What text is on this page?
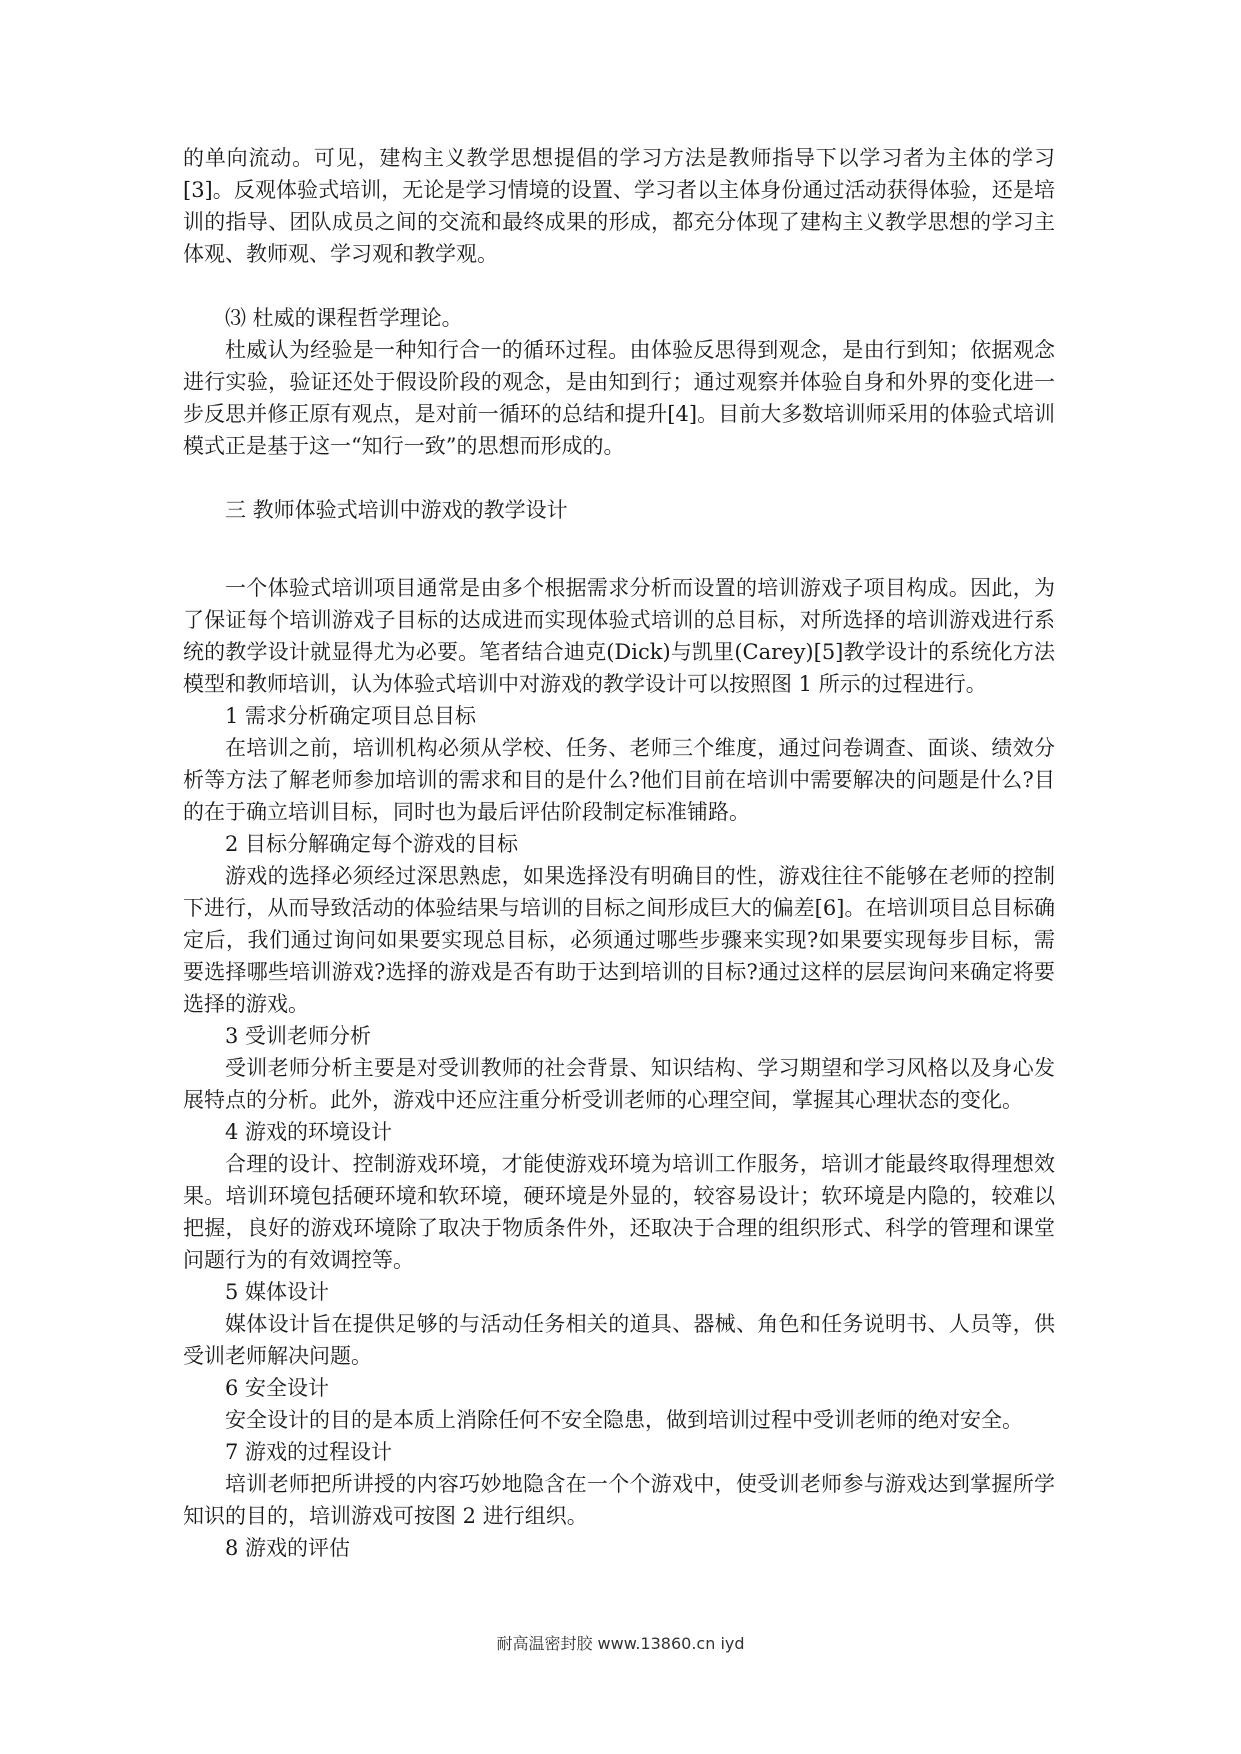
的单向流动。可见，建构主义教学思想提倡的学习方法是教师指导下以学习者为主体的学习[3]。反观体验式培训，无论是学习情境的设置、学习者以主体身份通过活动获得体验，还是培训的指导、团队成员之间的交流和最终成果的形成，都充分体现了建构主义教学思想的学习主体观、教师观、学习观和教学观。

⑶ 杜威的课程哲学理论。

杜威认为经验是一种知行合一的循环过程。由体验反思得到观念，是由行到知；依据观念进行实验，验证还处于假设阶段的观念，是由知到行；通过观察并体验自身和外界的变化进一步反思并修正原有观点，是对前一循环的总结和提升[4]。目前大多数培训师采用的体验式培训模式正是基于这一“知行一致”的思想而形成的。

三 教师体验式培训中游戏的教学设计

一个体验式培训项目通常是由多个根据需求分析而设置的培训游戏子项目构成。因此，为了保证每个培训游戏子目标的达成进而实现体验式培训的总目标，对所选择的培训游戏进行系统的教学设计就显得尤为必要。笔者结合迪克(Dick)与凯里(Carey)[5]教学设计的系统化方法模型和教师培训，认为体验式培训中对游戏的教学设计可以按照图 1 所示的过程进行。

1 需求分析确定项目总目标

在培训之前，培训机构必须从学校、任务、老师三个维度，通过问卷调查、面谈、绩效分析等方法了解老师参加培训的需求和目的是什么?他们目前在培训中需要解决的问题是什么?目的在于确立培训目标，同时也为最后评估阶段制定标准铺路。

2 目标分解确定每个游戏的目标

游戏的选择必须经过深思熟虑，如果选择没有明确目的性，游戏往往不能够在老师的控制下进行，从而导致活动的体验结果与培训的目标之间形成巨大的偏差[6]。在培训项目总目标确定后，我们通过询问如果要实现总目标，必须通过哪些步骤来实现?如果要实现每步目标，需要选择哪些培训游戏?选择的游戏是否有助于达到培训的目标?通过这样的层层询问来确定将要选择的游戏。

3 受训老师分析

受训老师分析主要是对受训教师的社会背景、知识结构、学习期望和学习风格以及身心发展特点的分析。此外，游戏中还应注重分析受训老师的心理空间，掌握其心理状态的变化。

4 游戏的环境设计

合理的设计、控制游戏环境，才能使游戏环境为培训工作服务，培训才能最终取得理想效果。培训环境包括硬环境和软环境，硬环境是外显的，较容易设计；软环境是内隐的，较难以把握，良好的游戏环境除了取决于物质条件外，还取决于合理的组织形式、科学的管理和课堂问题行为的有效调控等。

5 媒体设计

媒体设计旨在提供足够的与活动任务相关的道具、器械、角色和任务说明书、人员等，供受训老师解决问题。

6 安全设计

安全设计的目的是本质上消除任何不安全隐患，做到培训过程中受训老师的绝对安全。

7 游戏的过程设计

培训老师把所讲授的内容巧妙地隐含在一个个游戏中，使受训老师参与游戏达到掌握所学知识的目的，培训游戏可按图 2 进行组织。

8 游戏的评估

耐高温密封胶 www.13860.cn iyd
